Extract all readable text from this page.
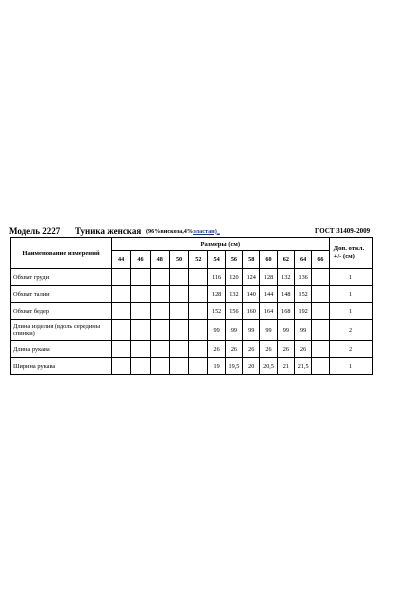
Модель 2227 Туника женская (96%вискоза,4%эластан)_	ГОСТ 31409-2009
Наименование измерений	Размеры (см)												Доп. откл. +/- (см)
	44	46	48	50	52	54	56	58	60	62	64	66	
Обхват груди						116	120	124	128	132	136		1
Обхват талии						128	132	140	144	148	152		1
Обхват бедер						152	156	160	164	168	192		1
Длина изделия (вдоль середины спинки)						99	99	99	99	99	99		2
Длина рукава						26	26	26	26	26	26		2
Ширина рукава						19	19,5	20	20,5	21	21,5		1
